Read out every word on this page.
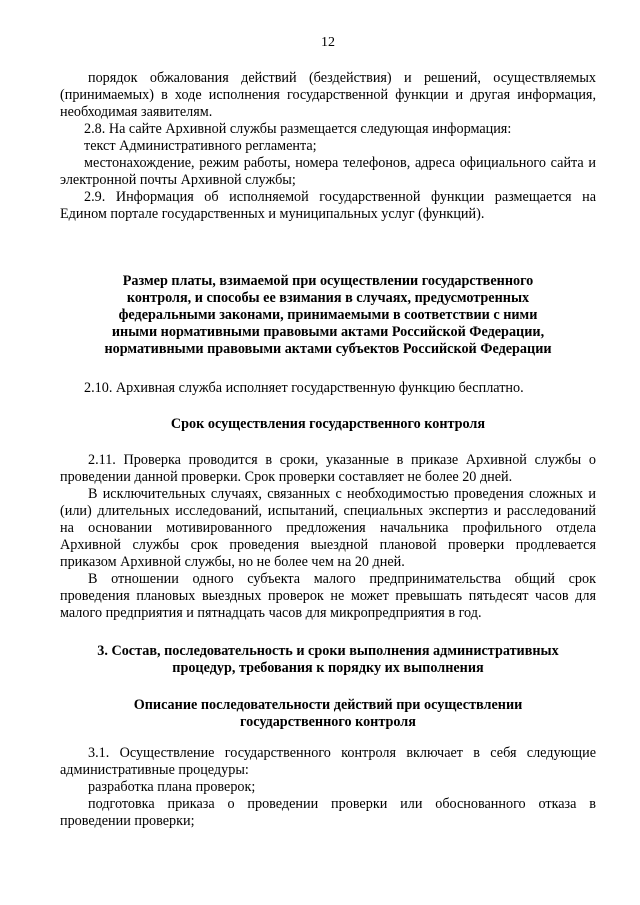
12

порядок обжалования действий (бездействия) и решений, осуществляемых (принимаемых) в ходе исполнения государственной функции и другая информация, необходимая заявителям.

2.8. На сайте Архивной службы размещается следующая информация:

текст Административного регламента;

местонахождение, режим работы, номера телефонов, адреса официального сайта и электронной почты Архивной службы;

2.9. Информация об исполняемой государственной функции размещается на Едином портале государственных и муниципальных услуг (функций).

Размер платы, взимаемой при осуществлении государственного
контроля, и способы ее взимания в случаях, предусмотренных
федеральными законами, принимаемыми в соответствии с ними
иными нормативными правовыми актами Российской Федерации,
нормативными правовыми актами субъектов Российской Федерации

2.10. Архивная служба исполняет государственную функцию бесплатно.

Срок осуществления государственного контроля

2.11. Проверка проводится в сроки, указанные в приказе Архивной службы о проведении данной проверки. Срок проверки составляет не более 20 дней.

В исключительных случаях, связанных с необходимостью проведения сложных и (или) длительных исследований, испытаний, специальных экспертиз и расследований на основании мотивированного предложения начальника профильного отдела Архивной службы срок проведения выездной плановой проверки продлевается приказом Архивной службы, но не более чем на 20 дней.

В отношении одного субъекта малого предпринимательства общий срок проведения плановых выездных проверок не может превышать пятьдесят часов для малого предприятия и пятнадцать часов для микропредприятия в год.

3. Состав, последовательность и сроки выполнения административных
процедур, требования к порядку их выполнения

Описание последовательности действий при осуществлении
государственного контроля

3.1. Осуществление государственного контроля включает в себя следующие административные процедуры:

разработка плана проверок;

подготовка приказа о проведении проверки или обоснованного отказа в проведении проверки;
